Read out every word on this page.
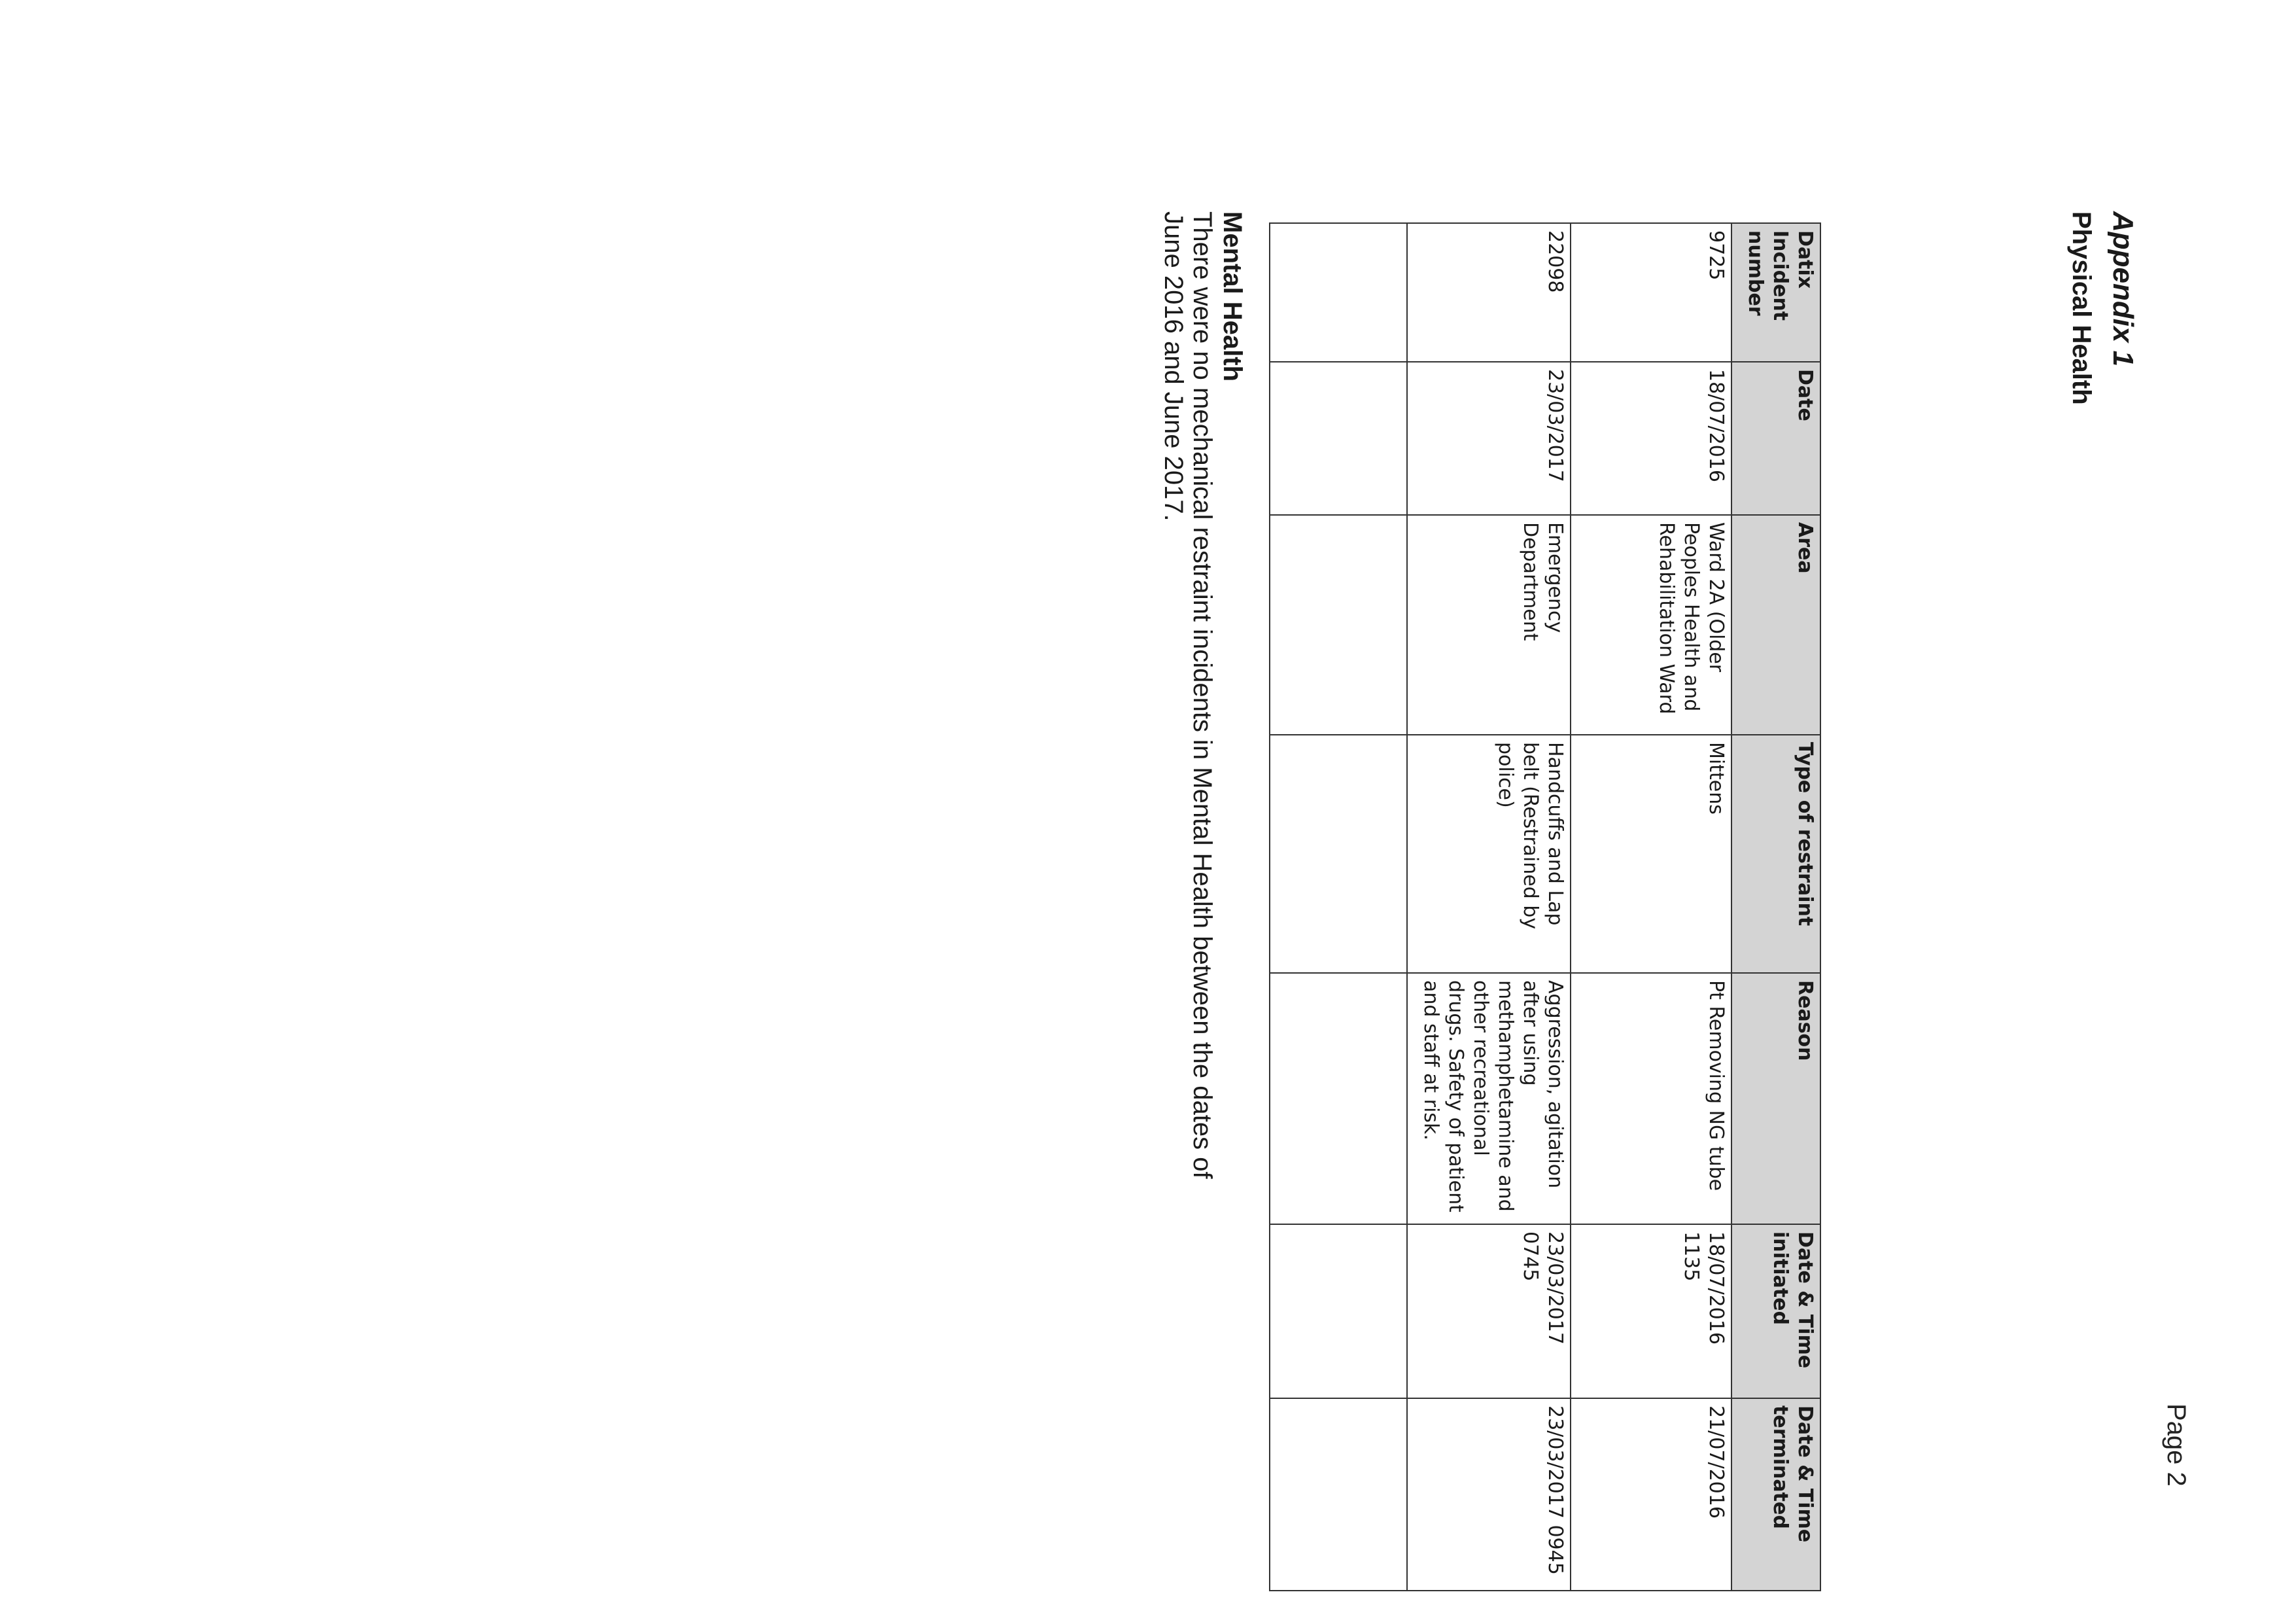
Page 2
Appendix 1
Physical Health
Datix Incident number	Date	Area	Type of restraint	Reason	Date & Time initiated	Date & Time terminated
9725	18/07/2016	Ward 2A (Older Peoples Health and Rehabilitation Ward	Mittens	Pt Removing NG tube	18/07/2016 1135	21/07/2016
22098	23/03/2017	Emergency Department	Handcuffs and Lap belt (Restrained by police)	Aggression, agitation after using methamphetamine and other recreational drugs. Safety of patient and staff at risk.	23/03/2017 0745	23/03/2017 0945

Mental Health
There were no mechanical restraint incidents in Mental Health between the dates of June 2016 and June 2017.
